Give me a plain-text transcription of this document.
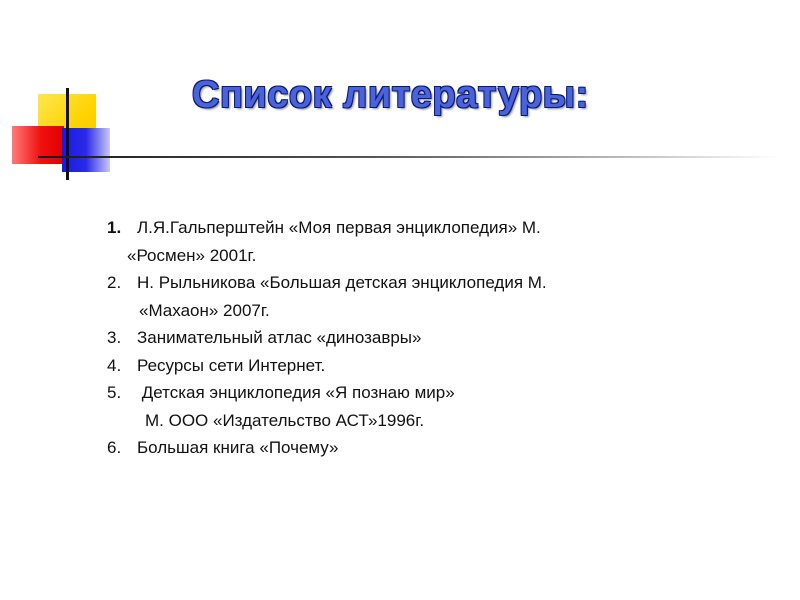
Список литературы:
1. Л.Я.Гальперштейн «Моя первая энциклопедия» М.
«Росмен» 2001г.
2. Н. Рыльникова «Большая детская энциклопедия М.
«Махаон» 2007г.
3. Занимательный атлас «динозавры»
4. Ресурсы сети Интернет.
5. Детская энциклопедия «Я познаю мир»
М. ООО «Издательство АСТ»1996г.
6. Большая книга «Почему»
